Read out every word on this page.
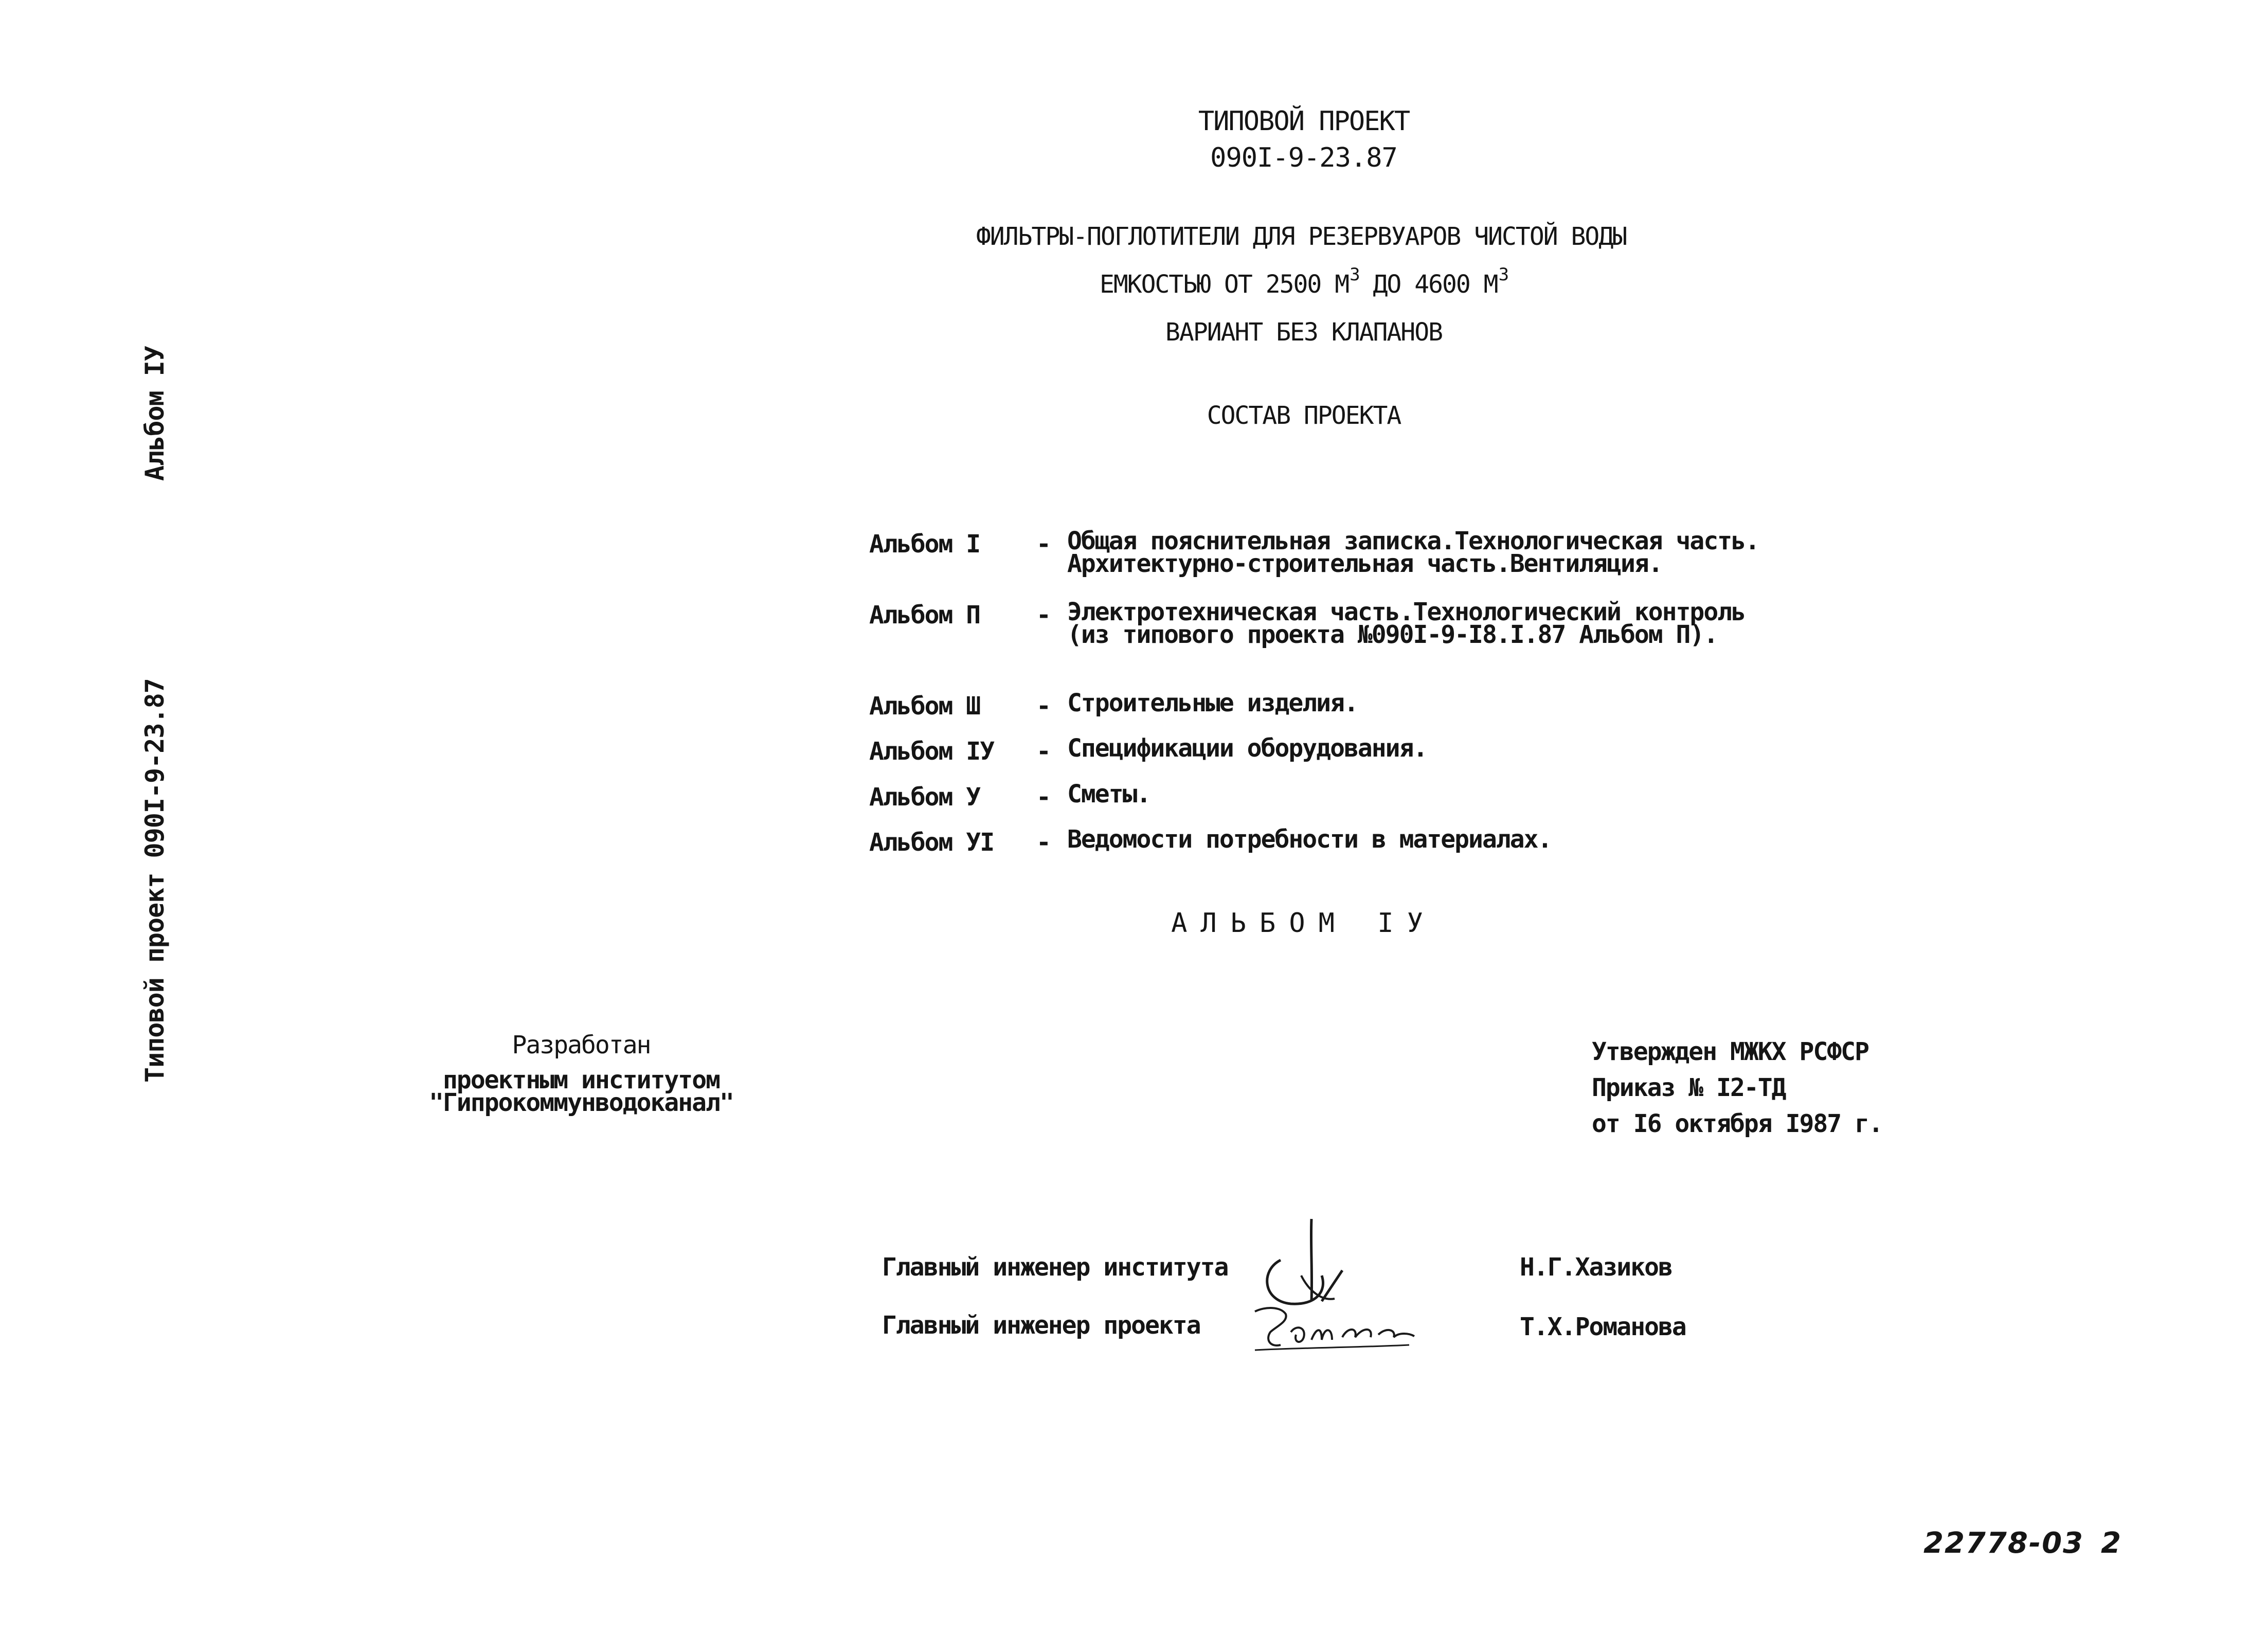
Альбом IУ
Типовой проект 090I-9-23.87
ТИПОВОЙ ПРОЕКТ
090I-9-23.87
ФИЛЬТРЫ-ПОГЛОТИТЕЛИ ДЛЯ РЕЗЕРВУАРОВ ЧИСТОЙ ВОДЫ
ЕМКОСТЬЮ ОТ 2500 $М^3$ ДО 4600 $М^3$
ВАРИАНТ БЕЗ КЛАПАНОВ
СОСТАВ ПРОЕКТА
Альбом I - Общая пояснительная записка.Технологическая часть.
Архитектурно-строительная часть.Вентиляция.
Альбом П - Электротехническая часть.Технологический контроль
(из типового проекта №090I-9-I8.I.87 Альбом П).
Альбом Ш - Строительные изделия.
Альбом IУ - Спецификации оборудования.
Альбом У - Сметы.
Альбом УI - Ведомости потребности в материалах.
АЛЬБОМ IУ
Разработан
проектным институтом
"Гипрокоммунводоканал"
Утвержден МЖКХ РСФСР
Приказ № I2-ТД
от I6 октября I987 г.
Главный инженер института	Н.Г.Хазиков
Главный инженер проекта	Т.Х.Романова
22778-03 2
